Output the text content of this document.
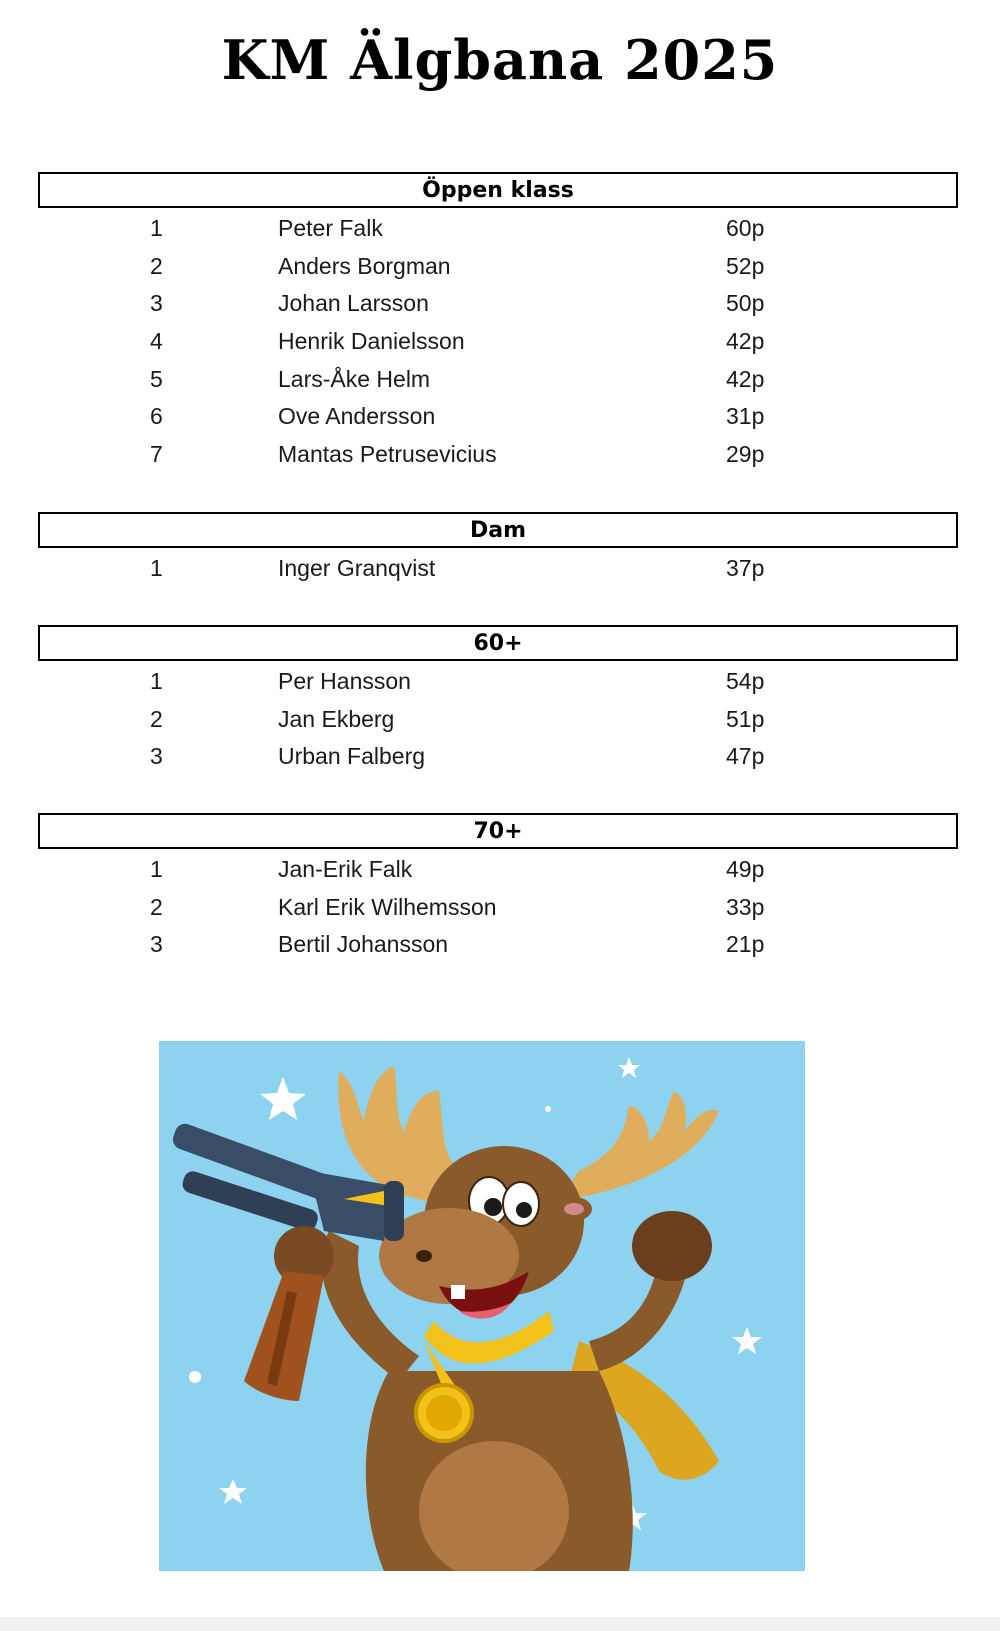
KM Älgbana 2025
Öppen klass
1	Peter Falk	60p
2	Anders Borgman	52p
3	Johan Larsson	50p
4	Henrik Danielsson	42p
5	Lars-Åke Helm	42p
6	Ove Andersson	31p
7	Mantas Petrusevicius	29p
Dam
1	Inger Granqvist	37p
60+
1	Per Hansson	54p
2	Jan Ekberg	51p
3	Urban Falberg	47p
70+
1	Jan-Erik Falk	49p
2	Karl Erik Wilhemsson	33p
3	Bertil Johansson	21p
